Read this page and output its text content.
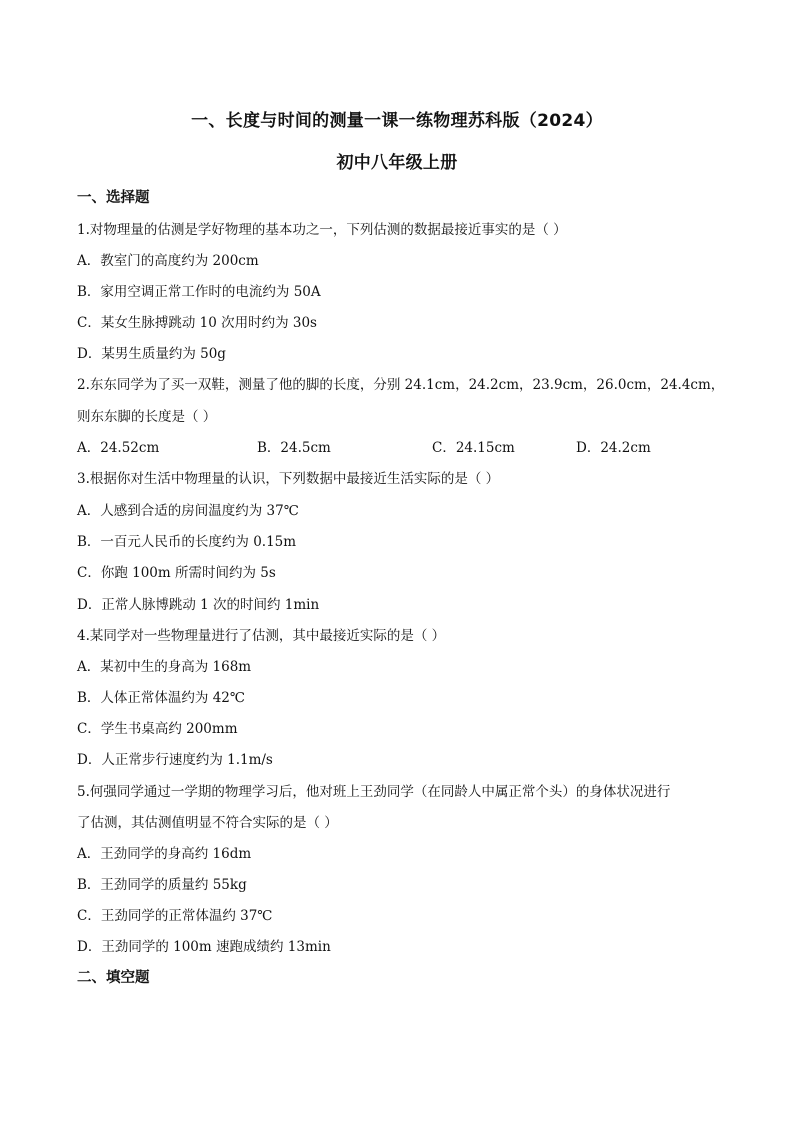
一、长度与时间的测量一课一练物理苏科版（2024）
初中八年级上册
一、选择题
1.对物理量的估测是学好物理的基本功之一，下列估测的数据最接近事实的是（ ）
A．教室门的高度约为 200cm
B．家用空调正常工作时的电流约为 50A
C．某女生脉搏跳动 10 次用时约为 30s
D．某男生质量约为 50g
2.东东同学为了买一双鞋，测量了他的脚的长度，分别 24.1cm，24.2cm，23.9cm，26.0cm，24.4cm，
则东东脚的长度是（ ）
A．24.52cm	B．24.5cm	C．24.15cm	D．24.2cm
3.根据你对生活中物理量的认识，下列数据中最接近生活实际的是（ ）
A．人感到合适的房间温度约为 37℃
B．一百元人民币的长度约为 0.15m
C．你跑 100m 所需时间约为 5s
D．正常人脉博跳动 1 次的时间约 1min
4.某同学对一些物理量进行了估测，其中最接近实际的是（ ）
A．某初中生的身高为 168m
B．人体正常体温约为 42℃
C．学生书桌高约 200mm
D．人正常步行速度约为 1.1m/s
5.何强同学通过一学期的物理学习后，他对班上王劲同学（在同龄人中属正常个头）的身体状况进行
了估测，其估测值明显不符合实际的是（ ）
A．王劲同学的身高约 16dm
B．王劲同学的质量约 55kg
C．王劲同学的正常体温约 37℃
D．王劲同学的 100m 速跑成绩约 13min
二、填空题
